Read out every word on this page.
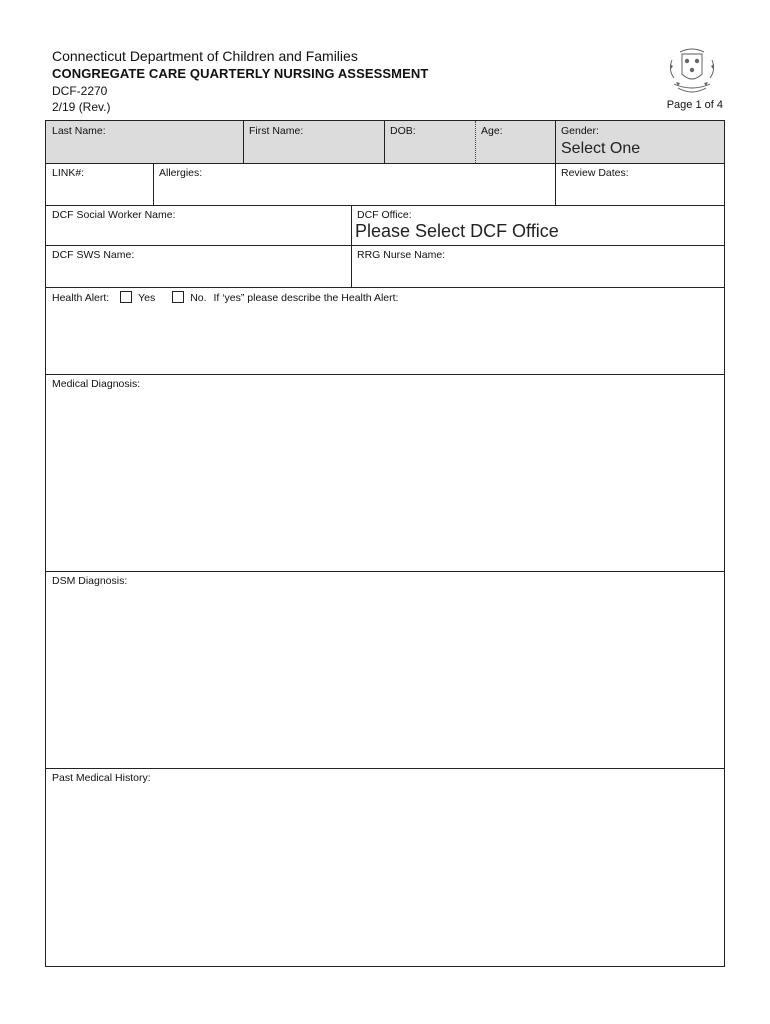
Connecticut Department of Children and Families
CONGREGATE CARE QUARTERLY NURSING ASSESSMENT
DCF-2270
2/19 (Rev.)	Page 1 of 4
Last Name:	First Name:	DOB:	Age:	Gender:
Select One
LINK#:	Allergies:	Review Dates:
DCF Social Worker Name:	DCF Office:
Please Select DCF Office
DCF SWS Name:	RRG Nurse Name:
Health Alert:	Yes	No. If ‘yes” please describe the Health Alert:
Medical Diagnosis:
DSM Diagnosis:
Past Medical History:
